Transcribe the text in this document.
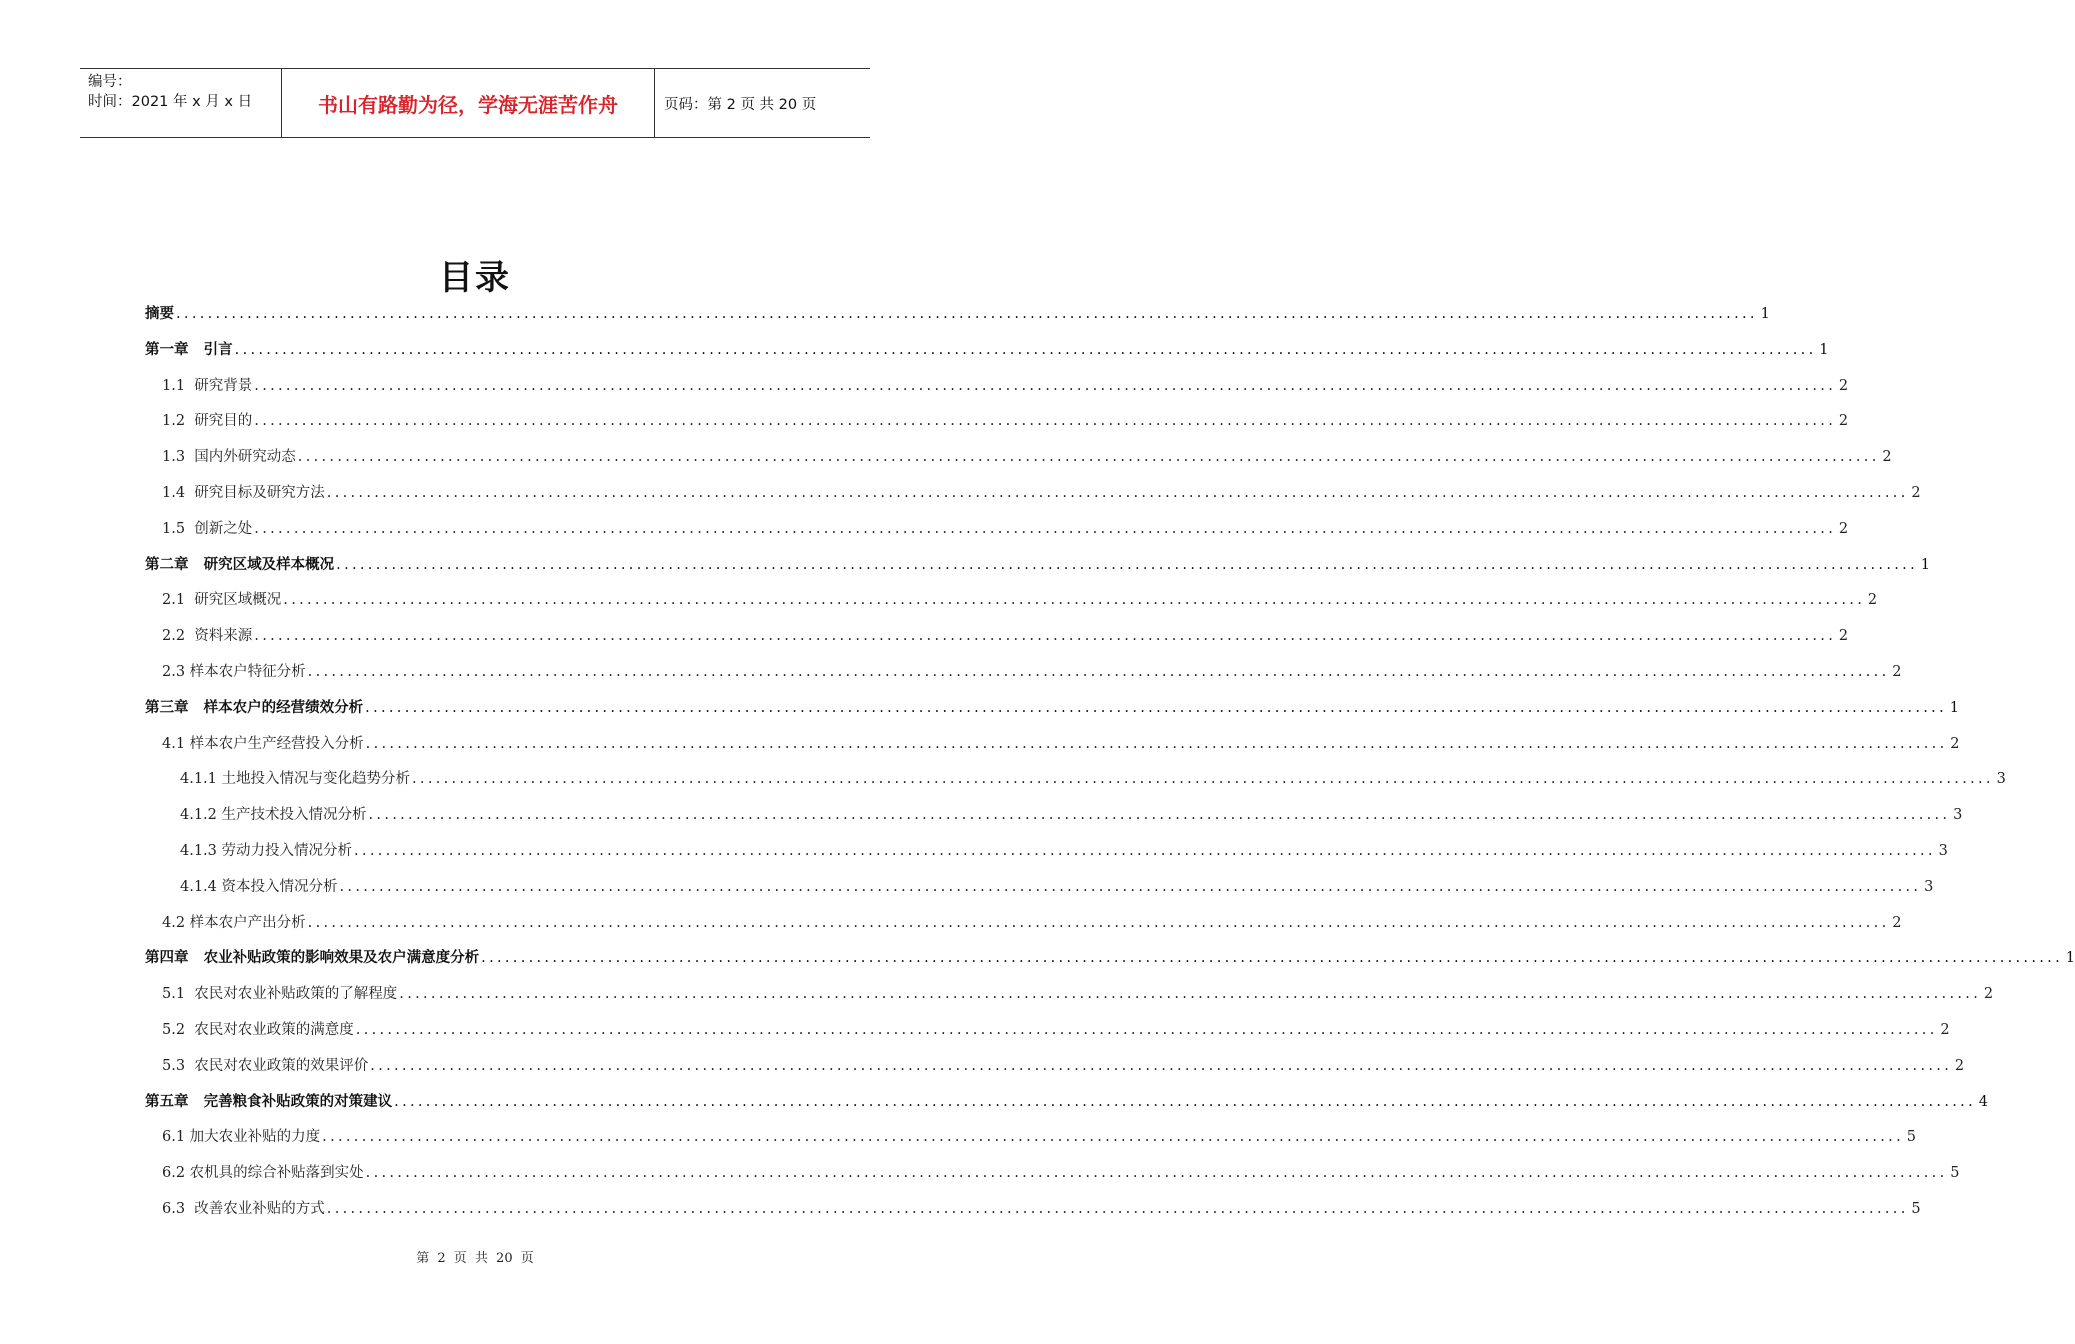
编号：
时间：2021 年 x 月 x 日	书山有路勤为径，学海无涯苦作舟	页码：第 2 页 共 20 页
目录
摘要 ........................................................................................................................................................................................................ 1
第一章   引言 ........................................................................................................................................................................................................ 1
1.1  研究背景 ........................................................................................................................................................................................................ 2
1.2  研究目的 ........................................................................................................................................................................................................ 2
1.3  国内外研究动态 ........................................................................................................................................................................................................ 2
1.4  研究目标及研究方法 ........................................................................................................................................................................................................ 2
1.5  创新之处 ........................................................................................................................................................................................................ 2
第二章   研究区域及样本概况 ........................................................................................................................................................................................................ 1
2.1  研究区域概况 ........................................................................................................................................................................................................ 2
2.2  资料来源 ........................................................................................................................................................................................................ 2
2.3 样本农户特征分析 ........................................................................................................................................................................................................ 2
第三章   样本农户的经营绩效分析 ........................................................................................................................................................................................................ 1
4.1 样本农户生产经营投入分析 ........................................................................................................................................................................................................ 2
4.1.1 土地投入情况与变化趋势分析 ........................................................................................................................................................................................................ 3
4.1.2 生产技术投入情况分析 ........................................................................................................................................................................................................ 3
4.1.3 劳动力投入情况分析 ........................................................................................................................................................................................................ 3
4.1.4 资本投入情况分析 ........................................................................................................................................................................................................ 3
4.2 样本农户产出分析 ........................................................................................................................................................................................................ 2
第四章   农业补贴政策的影响效果及农户满意度分析 ........................................................................................................................................................................................................ 1
5.1  农民对农业补贴政策的了解程度 ........................................................................................................................................................................................................ 2
5.2  农民对农业政策的满意度 ........................................................................................................................................................................................................ 2
5.3  农民对农业政策的效果评价 ........................................................................................................................................................................................................ 2
第五章   完善粮食补贴政策的对策建议 ........................................................................................................................................................................................................ 4
6.1 加大农业补贴的力度 ........................................................................................................................................................................................................ 5
6.2 农机具的综合补贴落到实处 ........................................................................................................................................................................................................ 5
6.3  改善农业补贴的方式 ........................................................................................................................................................................................................ 5
第 2 页 共 20 页
